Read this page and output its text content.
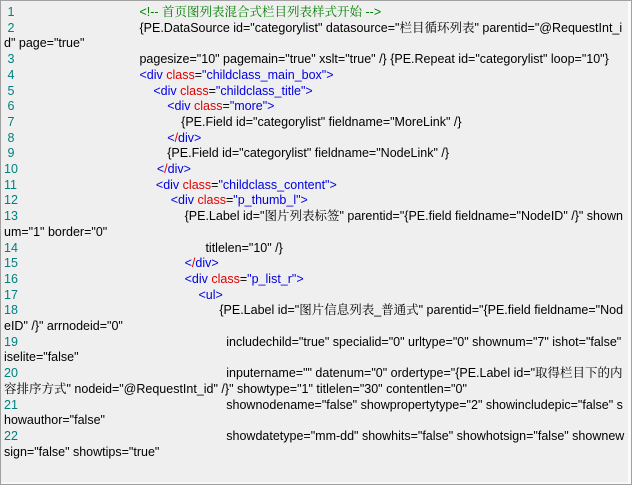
1	<!-- 首页图列表混合式栏目列表样式开始 -->
2	{PE.DataSource id="categorylist" datasource="栏目循环列表" parentid="@RequestInt_id" page="true"
3	pagesize="10" pagemain="true" xslt="true" /} {PE.Repeat id="categorylist" loop="10"}
4	<div class="childclass_main_box">
5	<div class="childclass_title">
6	<div class="more">
7	{PE.Field id="categorylist" fieldname="MoreLink" /}
8	</div>
9	{PE.Field id="categorylist" fieldname="NodeLink" /}
10	</div>
11	<div class="childclass_content">
12	<div class="p_thumb_l">
13	{PE.Label id="图片列表标签" parentid="{PE.field fieldname="NodeID" /}" shownum="1" border="0"
14	titlelen="10" /}
15	</div>
16	<div class="p_list_r">
17	<ul>
18	{PE.Label id="图片信息列表_普通式" parentid="{PE.field fieldname="NodeID" /}" arrnodeid="0"
19	includechild="true" specialid="0" urltype="0" shownum="7" ishot="false" iselite="false"
20	inputername="" datenum="0" ordertype="{PE.Label id="取得栏目下的内容排序方式" nodeid="@RequestInt_id" /}" showtype="1" titlelen="30" contentlen="0"
21	shownodename="false" showpropertytype="2" showincludepic="false" showauthor="false"
22	showdatetype="mm-dd" showhits="false" showhotsign="false" shownewsign="false" showtips="true"
